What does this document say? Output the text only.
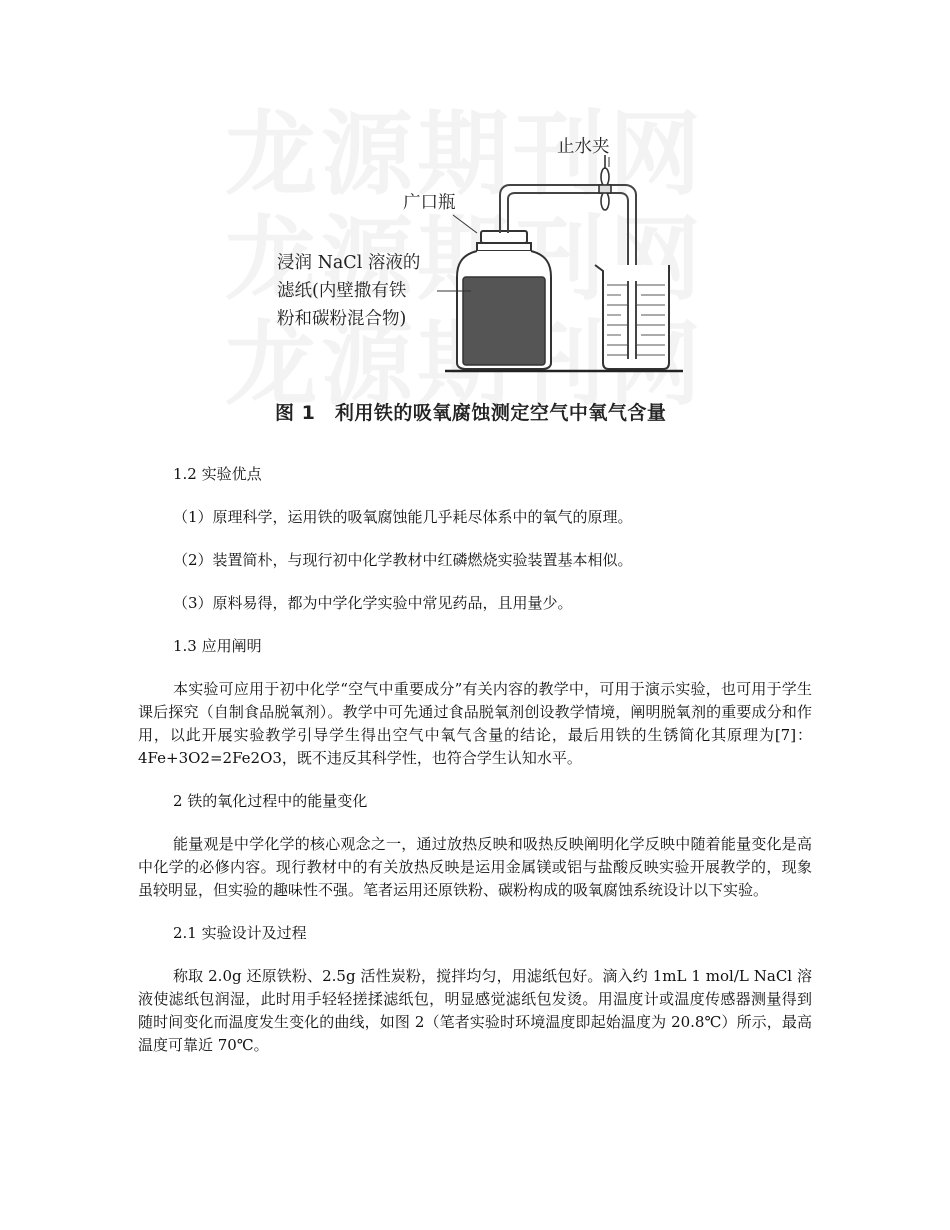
止水夹
广口瓶
浸润 NaCl 溶液的
滤纸(内壁撒有铁
粉和碳粉混合物)
图 1　利用铁的吸氧腐蚀测定空气中氧气含量

1.2 实验优点

（1）原理科学，运用铁的吸氧腐蚀能几乎耗尽体系中的氧气的原理。

（2）装置简朴，与现行初中化学教材中红磷燃烧实验装置基本相似。

（3）原料易得，都为中学化学实验中常见药品，且用量少。

1.3 应用阐明

本实验可应用于初中化学“空气中重要成分”有关内容的教学中，可用于演示实验，也可用于学生课后探究（自制食品脱氧剂）。教学中可先通过食品脱氧剂创设教学情境，阐明脱氧剂的重要成分和作用，以此开展实验教学引导学生得出空气中氧气含量的结论，最后用铁的生锈简化其原理为[7]：4Fe+3O2=2Fe2O3，既不违反其科学性，也符合学生认知水平。

2 铁的氧化过程中的能量变化

能量观是中学化学的核心观念之一，通过放热反映和吸热反映阐明化学反映中随着能量变化是高中化学的必修内容。现行教材中的有关放热反映是运用金属镁或铝与盐酸反映实验开展教学的，现象虽较明显，但实验的趣味性不强。笔者运用还原铁粉、碳粉构成的吸氧腐蚀系统设计以下实验。

2.1 实验设计及过程

称取 2.0g 还原铁粉、2.5g 活性炭粉，搅拌均匀，用滤纸包好。滴入约 1mL 1 mol/L NaCl 溶液使滤纸包润湿，此时用手轻轻搓揉滤纸包，明显感觉滤纸包发烫。用温度计或温度传感器测量得到随时间变化而温度发生变化的曲线，如图 2（笔者实验时环境温度即起始温度为 20.8℃）所示，最高温度可靠近 70℃。
